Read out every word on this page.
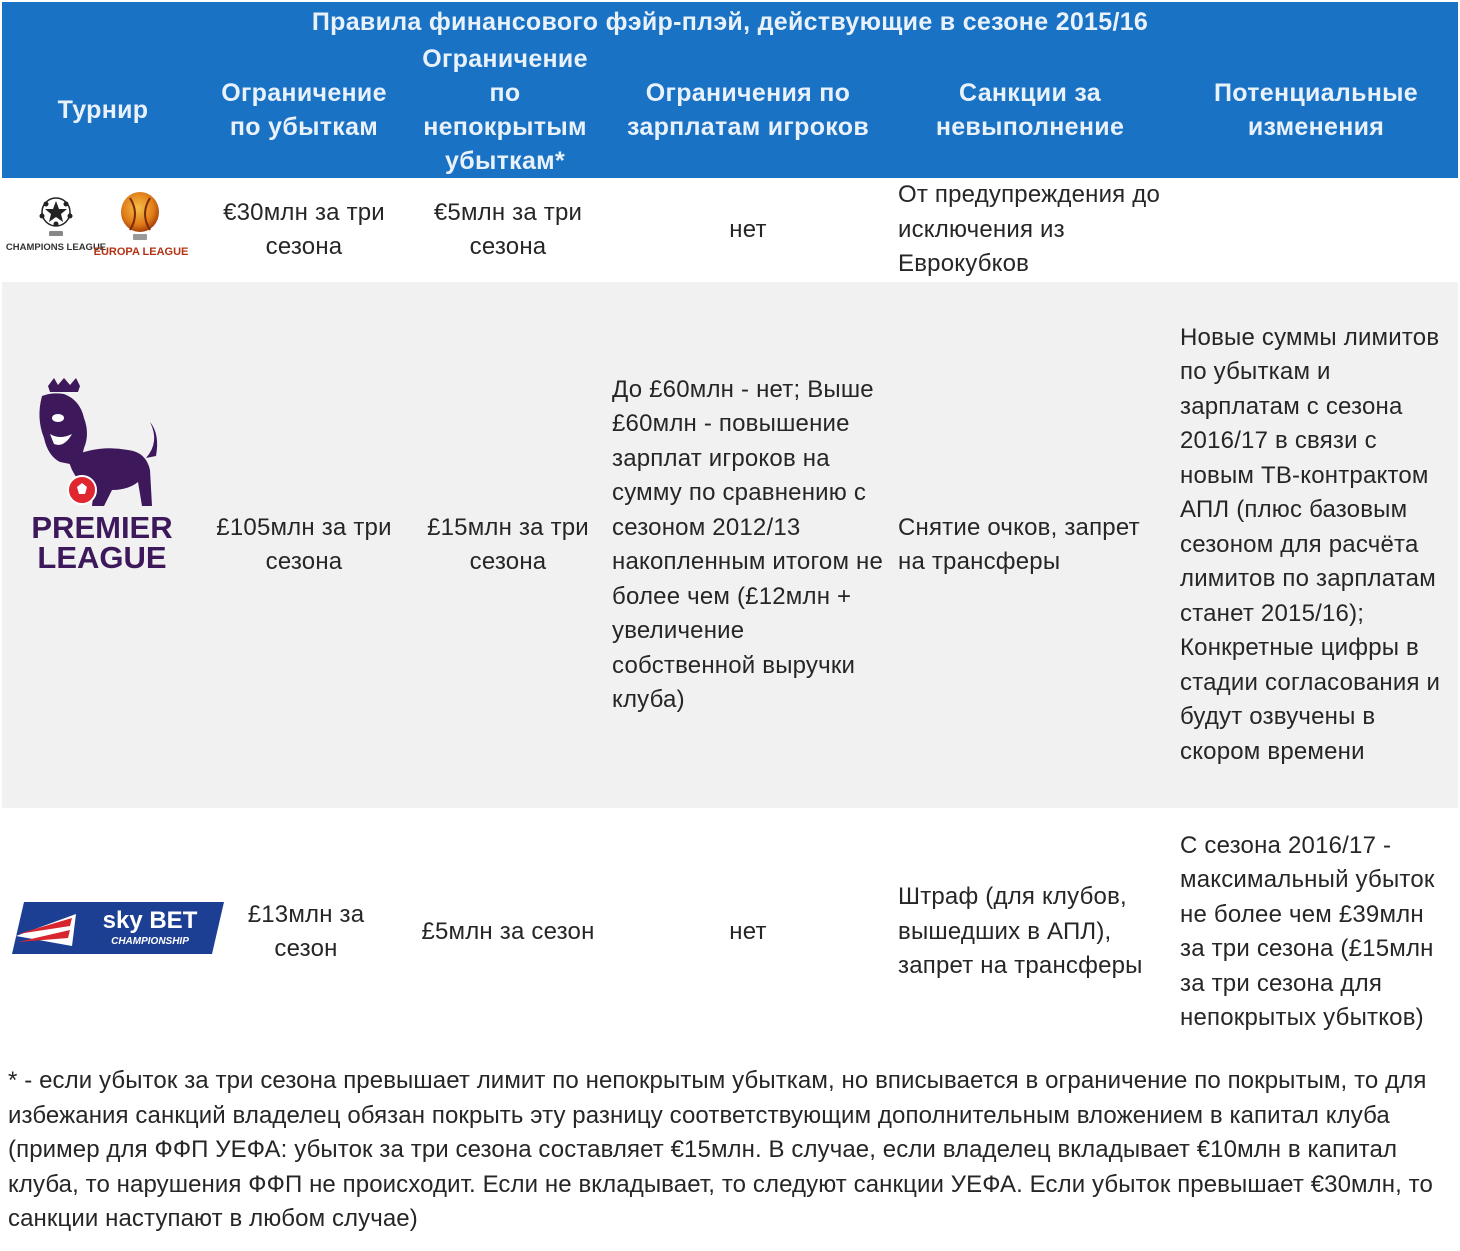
Правила финансового фэйр-плэй, действующие в сезоне 2015/16
Турнир
Ограничение по убыткам
Ограничение по непокрытым убыткам*
Ограничения по зарплатам игроков
Санкции за невыполнение
Потенциальные изменения
CHAMPIONS LEAGUE
EUROPA LEAGUE
€30млн за три сезона
€5млн за три сезона
нет
От предупреждения до исключения из Еврокубков
PREMIER
LEAGUE
£105млн за три сезона
£15млн за три сезона
До £60млн - нет; Выше £60млн - повышение зарплат игроков на сумму по сравнению с сезоном 2012/13 накопленным итогом не более чем (£12млн + увеличение собственной выручки клуба)
Снятие очков, запрет на трансферы
Новые суммы лимитов по убыткам и зарплатам с сезона 2016/17 в связи с новым ТВ-контрактом АПЛ (плюс базовым сезоном для расчёта лимитов по зарплатам станет 2015/16); Конкретные цифры в стадии согласования и будут озвучены в скором времени
sky BET
CHAMPIONSHIP
£13млн за сезон
£5млн за сезон	нет
Штраф (для клубов, вышедших в АПЛ), запрет на трансферы
С сезона 2016/17 - максимальный убыток не более чем £39млн за три сезона (£15млн за три сезона для непокрытых убытков)
* - если убыток за три сезона превышает лимит по непокрытым убыткам, но вписывается в ограничение по покрытым, то для избежания санкций владелец обязан покрыть эту разницу соответствующим дополнительным вложением в капитал клуба (пример для ФФП УЕФА: убыток за три сезона составляет €15млн. В случае, если владелец вкладывает €10млн в капитал клуба, то нарушения ФФП не происходит. Если не вкладывает, то следуют санкции УЕФА. Если убыток превышает €30млн, то санкции наступают в любом случае)
